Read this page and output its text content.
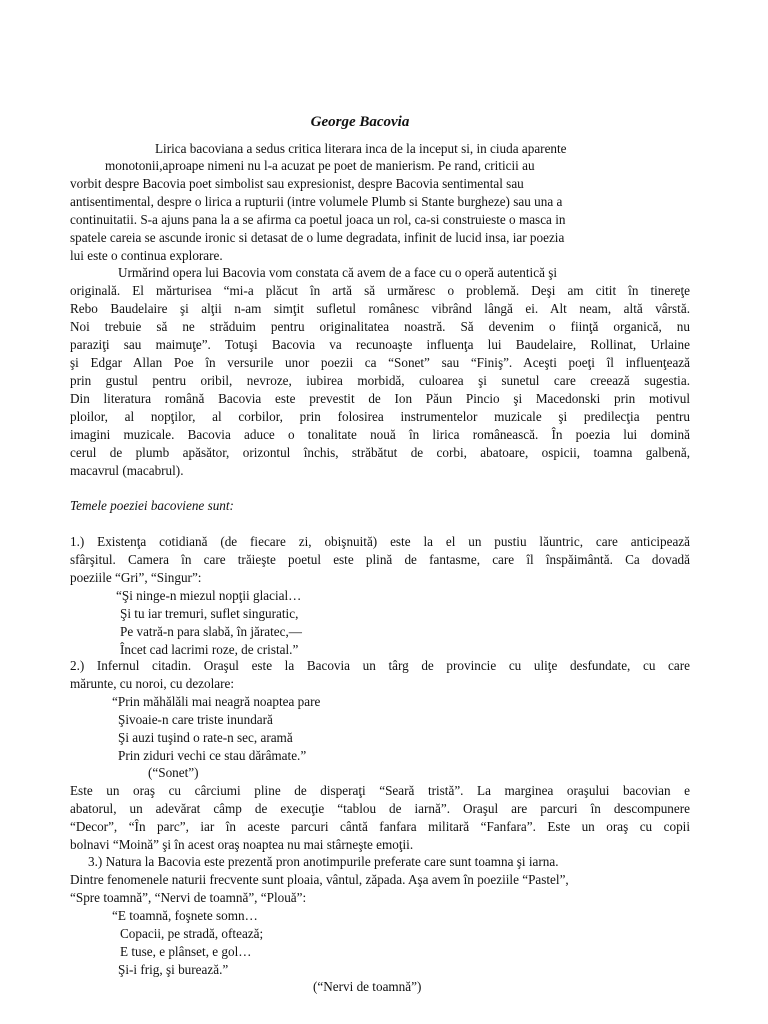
George Bacovia
Lirica bacoviana a sedus critica literara inca de la inceput si, in ciuda aparente
monotonii,aproape nimeni nu l-a acuzat pe poet de manierism. Pe rand, criticii au
vorbit despre Bacovia poet simbolist sau expresionist, despre Bacovia sentimental sau
antisentimental, despre o lirica a rupturii (intre volumele Plumb si Stante burgheze) sau una a
continuitatii. S-a ajuns pana la a se afirma ca poetul joaca un rol, ca-si construieste o masca in
spatele careia se ascunde ironic si detasat de o lume degradata, infinit de lucid insa, iar poezia
lui este o continua explorare.
Urmărind opera lui Bacovia vom constata că avem de a face cu o operă autentică şi
originală. El mărturisea “mi-a plăcut în artă să urmăresc o problemă. Deşi am citit în tinereţe
Rebo Baudelaire şi alţii n-am simţit sufletul românesc vibrând lângă ei. Alt neam, altă vârstă.
Noi trebuie să ne străduim pentru originalitatea noastră. Să devenim o fiinţă organică, nu
paraziţi sau maimuţe”. Totuşi Bacovia va recunoaşte influenţa lui Baudelaire, Rollinat, Urlaine
şi Edgar Allan Poe în versurile unor poezii ca “Sonet” sau “Finiş”. Aceşti poeţi îl influenţează
prin gustul pentru oribil, nevroze, iubirea morbidă, culoarea şi sunetul care creează sugestia.
Din literatura română Bacovia este prevestit de Ion Păun Pincio şi Macedonski prin motivul
ploilor, al nopţilor, al corbilor, prin folosirea instrumentelor muzicale şi predilecţia pentru
imagini muzicale. Bacovia aduce o tonalitate nouă în lirica românească. În poezia lui domină
cerul de plumb apăsător, orizontul închis, străbătut de corbi, abatoare, ospicii, toamna galbenă,
macavrul (macabrul).
Temele poeziei bacoviene sunt:
1.) Existenţa cotidiană (de fiecare zi, obişnuită) este la el un pustiu lăuntric, care anticipează
sfârşitul. Camera în care trăieşte poetul este plină de fantasme, care îl înspăimântă. Ca dovadă
poeziile “Gri”, “Singur”:
“Şi ninge-n miezul nopţii glacial…
Şi tu iar tremuri, suflet singuratic,
Pe vatră-n para slabă, în jăratec,—
Încet cad lacrimi roze, de cristal.”
2.) Infernul citadin. Oraşul este la Bacovia un târg de provincie cu uliţe desfundate, cu care
mărunte, cu noroi, cu dezolare:
“Prin măhălăli mai neagră noaptea pare
Şivoaie-n care triste inundară
Şi auzi tuşind o rate-n sec, aramă
Prin ziduri vechi ce stau dărâmate.”
(“Sonet”)
Este un oraş cu cârciumi pline de disperaţi “Seară tristă”. La marginea oraşului bacovian e
abatorul, un adevărat câmp de execuţie “tablou de iarnă”. Oraşul are parcuri în descompunere
“Decor”, “În parc”, iar în aceste parcuri cântă fanfara militară “Fanfara”. Este un oraş cu copii
bolnavi “Moină” şi în acest oraş noaptea nu mai stârneşte emoţii.
3.) Natura la Bacovia este prezentă pron anotimpurile preferate care sunt toamna şi iarna.
Dintre fenomenele naturii frecvente sunt ploaia, vântul, zăpada. Aşa avem în poeziile “Pastel”,
“Spre toamnă”, “Nervi de toamnă”, “Plouă”:
“E toamnă, foşnete somn…
Copacii, pe stradă, oftează;
E tuse, e plânset, e gol…
Şi-i frig, şi burează.”
(“Nervi de toamnă”)
